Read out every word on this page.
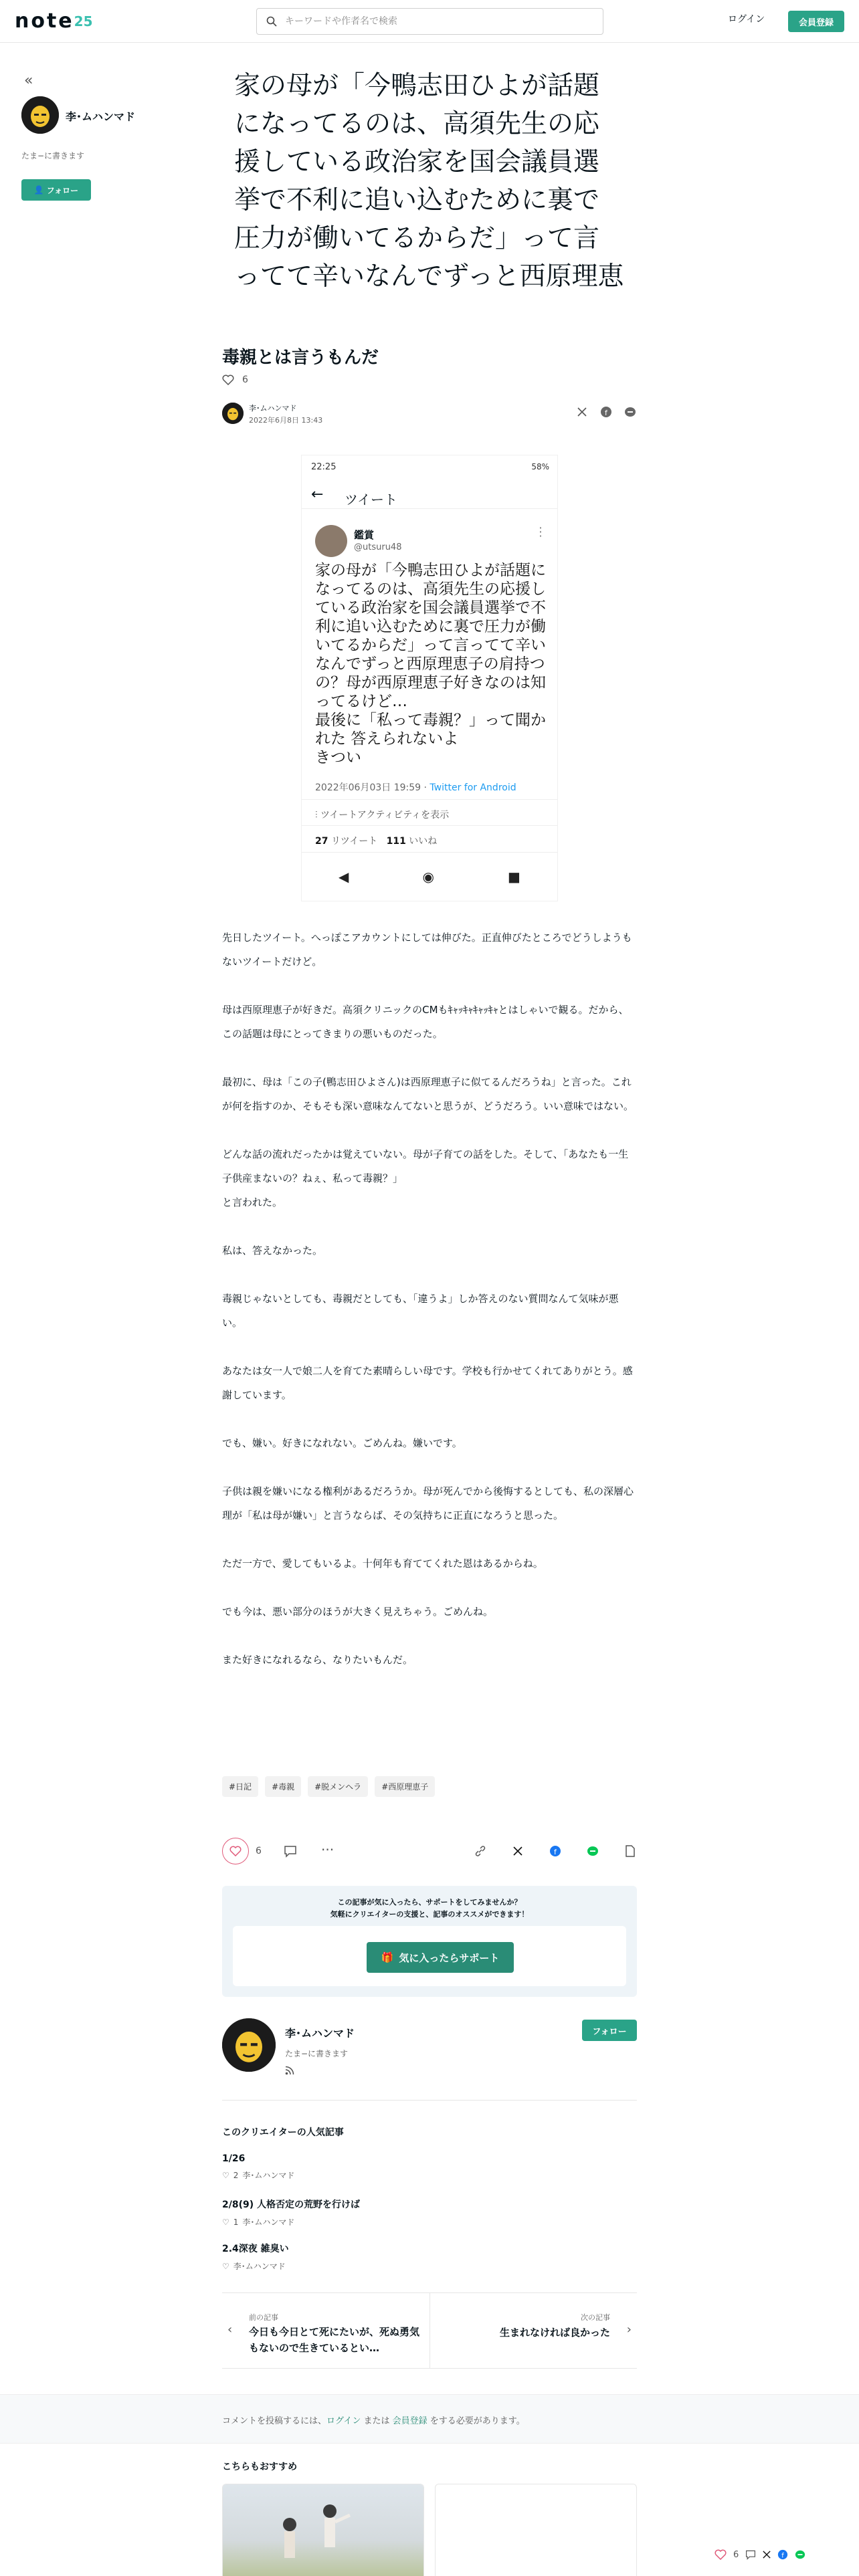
note25
キーワードや作者名で検索	ログイン	会員登録
«
李･ムハンマド
たま−に書きます
👤 フォロー
家の母が「今鴨志田ひよが話題になってるのは、高須先生の応援している政治家を国会議員選挙で不利に追い込むために裏で圧力が働いてるからだ」って言ってて辛いなんでずっと西原理恵
毒親とは言うもんだ
6
李･ムハンマド
2022年6月8日 13:43
f
22:25	58%
← ツイート
鑑賞
@utsuru48
⋮
家の母が「今鴨志田ひよが話題になってるのは、高須先生の応援している政治家を国会議員選挙で不利に追い込むために裏で圧力が働いてるからだ」って言ってて辛いなんでずっと西原理恵子の肩持つの？母が西原理恵子好きなのは知ってるけど…
最後に「私って毒親？」って聞かれた 答えられないよ
きつい
2022年06月03日 19:59 · Twitter for Android
⫶ ツイートアクティビティを表示
27 リツイート 111 いいね
◀	◉	■

先日したツイート。へっぽこアカウントにしては伸びた。正直伸びたところでどうしようもないツイートだけど。

母は西原理恵子が好きだ。高須クリニックのCMもｷｬｯｷｬｷｬｯｷｬとはしゃいで観る。だから、この話題は母にとってきまりの悪いものだった。

最初に、母は「この子(鴨志田ひよさん)は西原理恵子に似てるんだろうね」と言った。これが何を指すのか、そもそも深い意味なんてないと思うが、どうだろう。いい意味ではない。

どんな話の流れだったかは覚えていない。母が子育ての話をした。そして、「あなたも一生子供産まないの？ねぇ、私って毒親？」
と言われた。

私は、答えなかった。

毒親じゃないとしても、毒親だとしても、「違うよ」しか答えのない質問なんて気味が悪い。

あなたは女一人で娘二人を育てた素晴らしい母です。学校も行かせてくれてありがとう。感謝しています。

でも、嫌い。好きになれない。ごめんね。嫌いです。

子供は親を嫌いになる権利があるだろうか。母が死んでから後悔するとしても、私の深層心理が「私は母が嫌い」と言うならば、その気持ちに正直になろうと思った。

ただ一方で、愛してもいるよ。十何年も育ててくれた恩はあるからね。

でも今は、悪い部分のほうが大きく見えちゃう。ごめんね。

また好きになれるなら、なりたいもんだ。

#日記	#毒親	#脱メンヘラ	#西原理恵子
6	···	f
この記事が気に入ったら、サポートをしてみませんか？
気軽にクリエイターの支援と、記事のオススメができます！
🎁 気に入ったらサポート
李･ムハンマド
たま−に書きます
フォロー
このクリエイターの人気記事
1/26
♡ 2 李･ムハンマド
2/8(9) 人格否定の荒野を行けば
♡ 1 李･ムハンマド
2.4深夜 雑臭い
♡ 李･ムハンマド
‹
前の記事
今日も今日とて死にたいが、死ぬ勇気もないので生きているとい…
次の記事
生まれなければ良かった ›
コメントを投稿するには、ログイン または 会員登録 をする必要があります。
こちらもおすすめ
6	f
